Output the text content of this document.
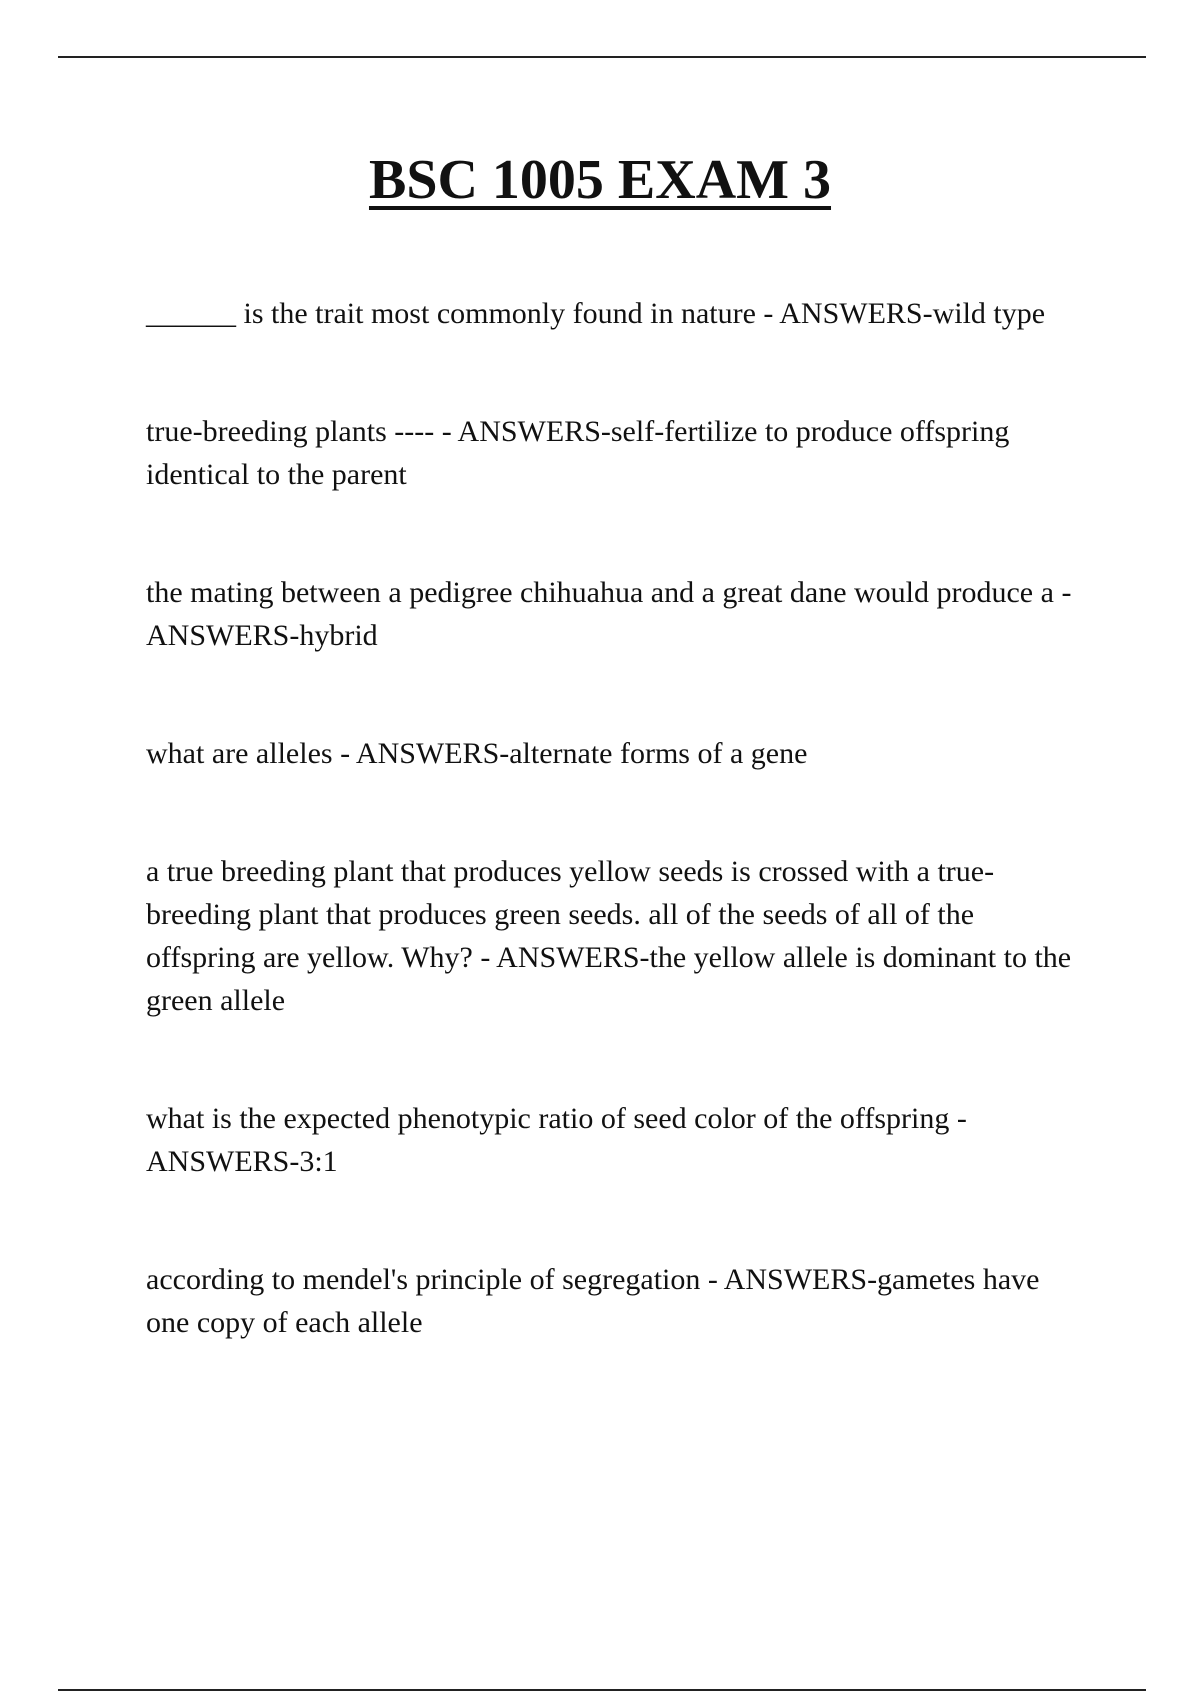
BSC 1005 EXAM 3

______ is the trait most commonly found in nature - ANSWERS-wild type

true-breeding plants ---- - ANSWERS-self-fertilize to produce offspring identical to the parent

the mating between a pedigree chihuahua and a great dane would produce a - ANSWERS-hybrid

what are alleles - ANSWERS-alternate forms of a gene

a true breeding plant that produces yellow seeds is crossed with a true-breeding plant that produces green seeds. all of the seeds of all of the offspring are yellow. Why? - ANSWERS-the yellow allele is dominant to the green allele

what is the expected phenotypic ratio of seed color of the offspring - ANSWERS-3:1

according to mendel's principle of segregation - ANSWERS-gametes have one copy of each allele
